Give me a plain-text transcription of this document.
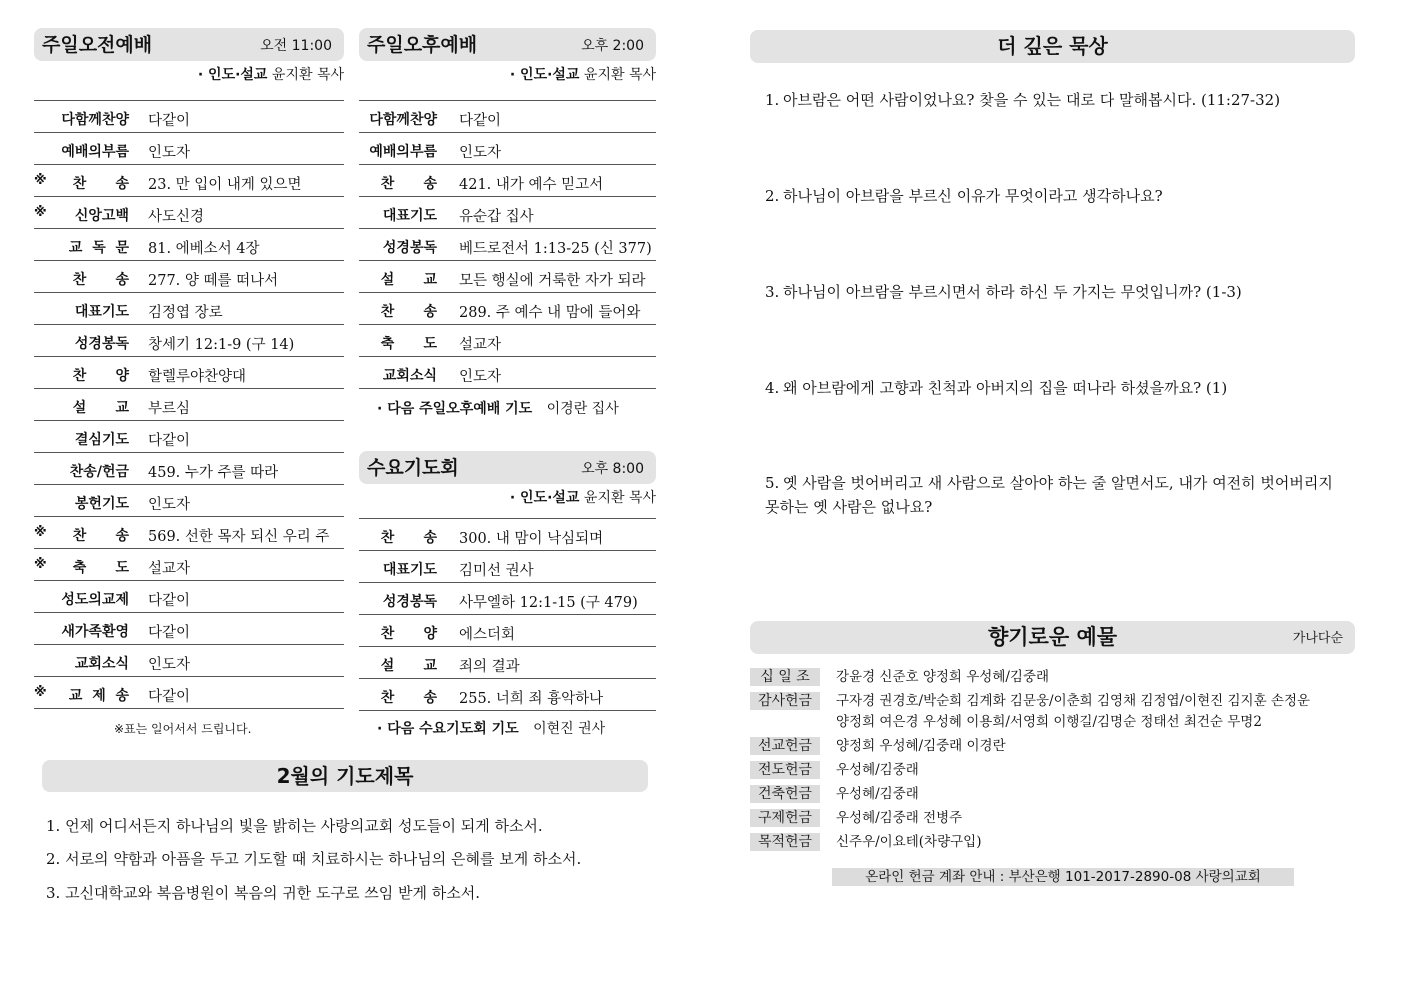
주일오전예배	오전 11:00
· 인도·설교 윤지환 목사
다함께찬양 다같이
예배의부름 인도자
※ 찬      송 23. 만 입이 내게 있으면
※ 신앙고백 사도신경
교  독  문 81. 에베소서 4장
찬      송 277. 양 떼를 떠나서
대표기도 김정엽 장로
성경봉독 창세기 12:1-9 (구 14)
찬      양 할렐루야찬양대
설      교 부르심
결심기도 다같이
찬송/헌금 459. 누가 주를 따라
봉헌기도 인도자
※ 찬      송 569. 선한 목자 되신 우리 주
※ 축      도 설교자
성도의교제 다같이
새가족환영 다같이
교회소식 인도자
※ 교  제  송 다같이
※표는 일어서서 드립니다.
주일오후예배	오후 2:00
· 인도·설교 윤지환 목사
다함께찬양 다같이
예배의부름 인도자
찬      송 421. 내가 예수 믿고서
대표기도 유순갑 집사
성경봉독 베드로전서 1:13-25 (신 377)
설      교 모든 행실에 거룩한 자가 되라
찬      송 289. 주 예수 내 맘에 들어와
축      도 설교자
교회소식 인도자
· 다음 주일오후예배 기도 이경란 집사
수요기도회	오후 8:00
· 인도·설교 윤지환 목사
찬      송 300. 내 맘이 낙심되며
대표기도 김미선 권사
성경봉독 사무엘하 12:1-15 (구 479)
찬      양 에스더회
설      교 죄의 결과
찬      송 255. 너희 죄 흉악하나
· 다음 수요기도회 기도 이현진 권사
2월의 기도제목
1. 언제 어디서든지 하나님의 빛을 밝히는 사랑의교회 성도들이 되게 하소서.
2. 서로의 약함과 아픔을 두고 기도할 때 치료하시는 하나님의 은혜를 보게 하소서.
3. 고신대학교와 복음병원이 복음의 귀한 도구로 쓰임 받게 하소서.
더 깊은 묵상
1. 아브람은 어떤 사람이었나요? 찾을 수 있는 대로 다 말해봅시다. (11:27-32)
2. 하나님이 아브람을 부르신 이유가 무엇이라고 생각하나요?
3. 하나님이 아브람을 부르시면서 하라 하신 두 가지는 무엇입니까? (1-3)
4. 왜 아브람에게 고향과 친척과 아버지의 집을 떠나라 하셨을까요? (1)
5. 옛 사람을 벗어버리고 새 사람으로 살아야 하는 줄 알면서도, 내가 여전히 벗어버리지 못하는 옛 사람은 없나요?
향기로운 예물	가나다순
십 일 조	강윤경 신준호 양정희 우성혜/김중래
감사헌금	구자경 권경호/박순희 김계화 김문웅/이춘희 김영채 김정엽/이현진 김지훈 손정운
양정희 여은경 우성혜 이용희/서영희 이행길/김명순 정태선 최건순 무명2
선교헌금	양정희 우성혜/김중래 이경란
전도헌금	우성혜/김중래
건축헌금	우성혜/김중래
구제헌금	우성혜/김중래 전병주
목적헌금	신주우/이요테(차량구입)
온라인 헌금 계좌 안내 : 부산은행 101-2017-2890-08 사랑의교회
